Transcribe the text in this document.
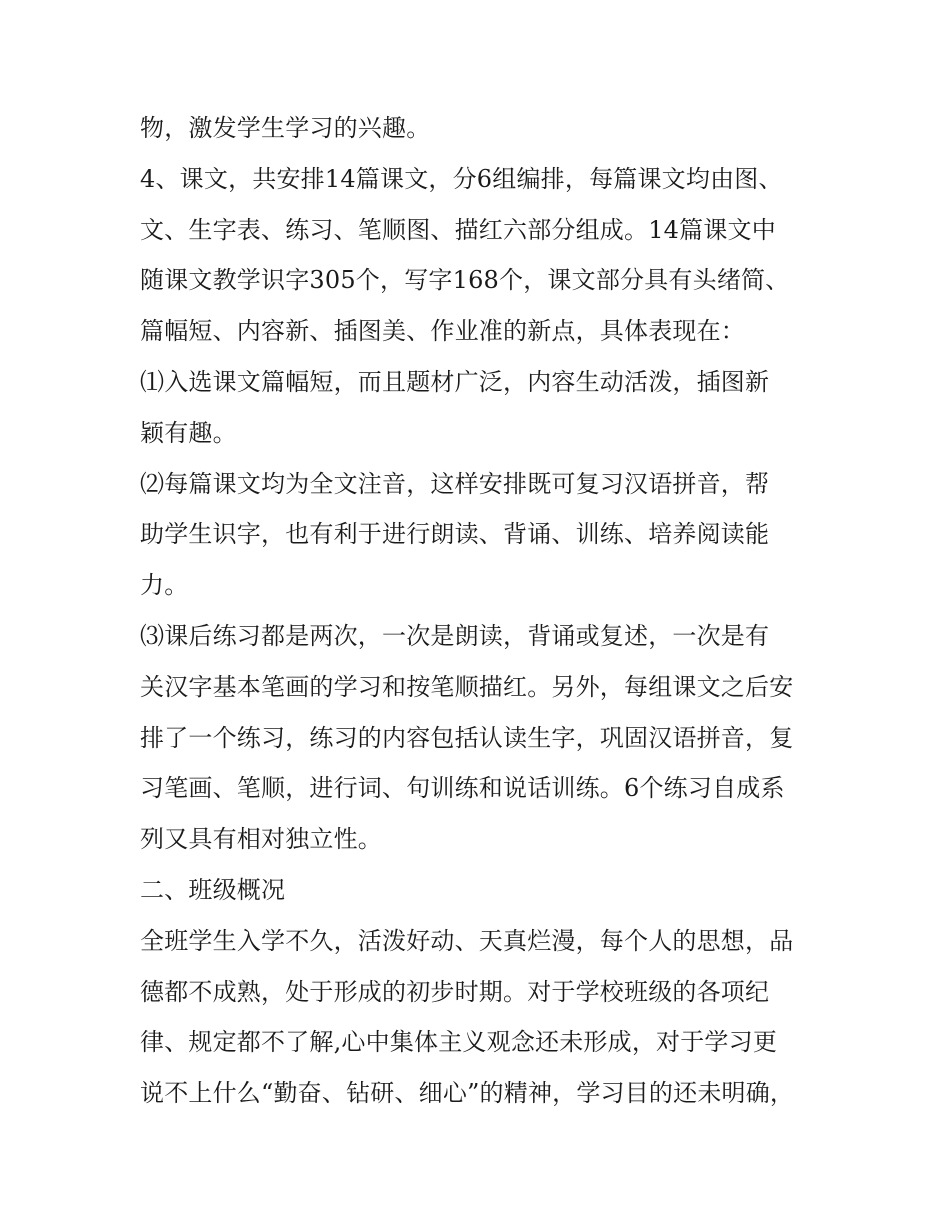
物，激发学生学习的兴趣。
4、课文，共安排14篇课文，分6组编排，每篇课文均由图、
文、生字表、练习、笔顺图、描红六部分组成。14篇课文中
随课文教学识字305个，写字168个，课文部分具有头绪简、
篇幅短、内容新、插图美、作业准的新点，具体表现在：
⑴入选课文篇幅短，而且题材广泛，内容生动活泼，插图新
颖有趣。
⑵每篇课文均为全文注音，这样安排既可复习汉语拼音，帮
助学生识字，也有利于进行朗读、背诵、训练、培养阅读能
力。
⑶课后练习都是两次，一次是朗读，背诵或复述，一次是有
关汉字基本笔画的学习和按笔顺描红。另外，每组课文之后安
排了一个练习，练习的内容包括认读生字，巩固汉语拼音，复
习笔画、笔顺，进行词、句训练和说话训练。6个练习自成系
列又具有相对独立性。
二、班级概况
全班学生入学不久，活泼好动、天真烂漫，每个人的思想，品
德都不成熟，处于形成的初步时期。对于学校班级的各项纪
律、规定都不了解,心中集体主义观念还未形成，对于学习更
说不上什么“勤奋、钻研、细心”的精神，学习目的还未明确，
